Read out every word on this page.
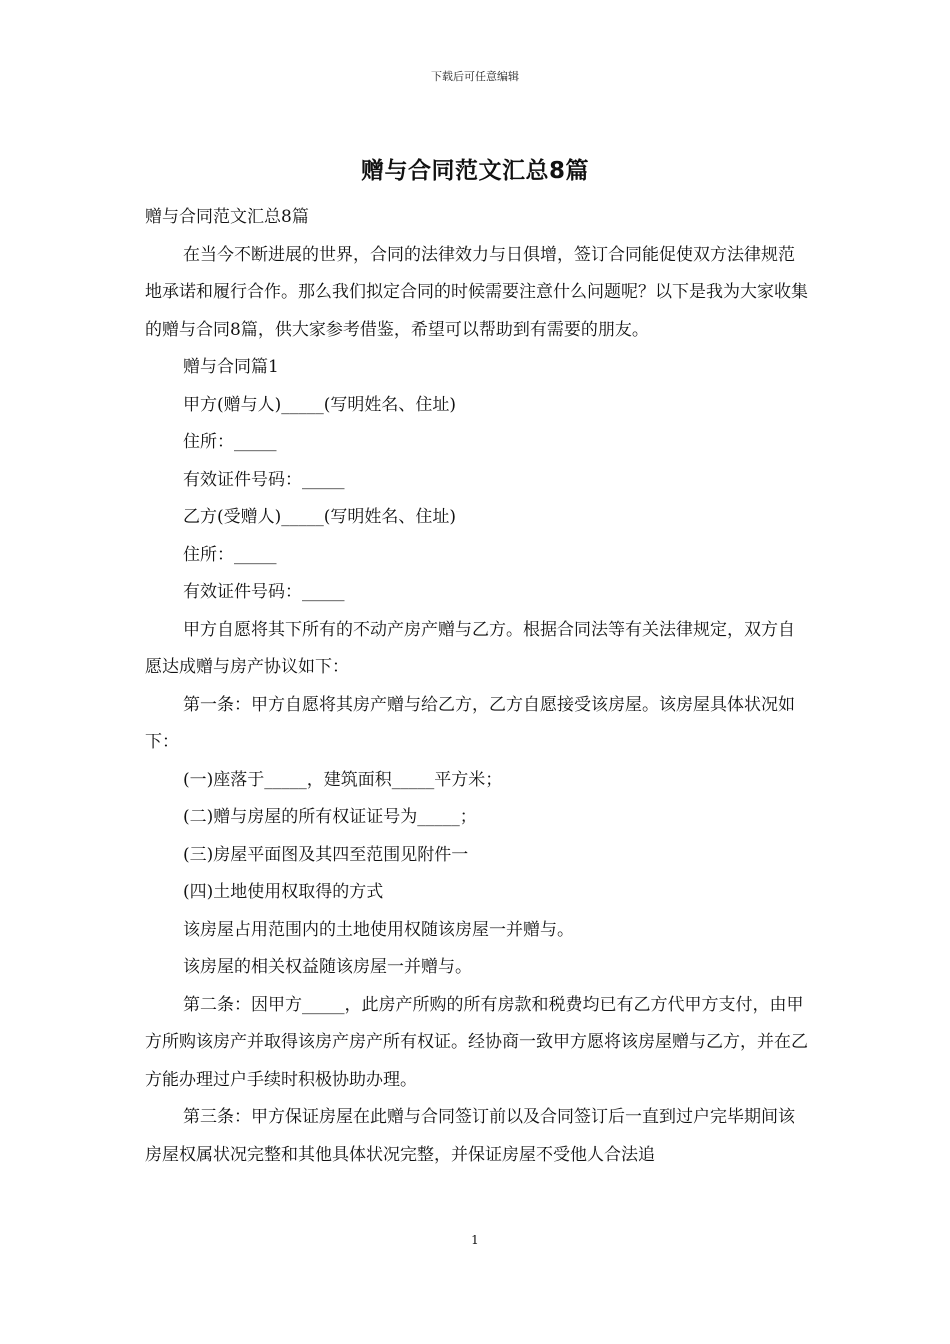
下载后可任意编辑
赠与合同范文汇总8篇

赠与合同范文汇总8篇

在当今不断进展的世界，合同的法律效力与日俱增，签订合同能促使双方法律规范地承诺和履行合作。那么我们拟定合同的时候需要注意什么问题呢？以下是我为大家收集的赠与合同8篇，供大家参考借鉴，希望可以帮助到有需要的朋友。

赠与合同篇1

甲方(赠与人)_____(写明姓名、住址)

住所：_____

有效证件号码：_____

乙方(受赠人)_____(写明姓名、住址)

住所：_____

有效证件号码：_____

甲方自愿将其下所有的不动产房产赠与乙方。根据合同法等有关法律规定，双方自愿达成赠与房产协议如下：

第一条：甲方自愿将其房产赠与给乙方，乙方自愿接受该房屋。该房屋具体状况如下：

(一)座落于_____，建筑面积_____平方米；

(二)赠与房屋的所有权证证号为_____；

(三)房屋平面图及其四至范围见附件一

(四)土地使用权取得的方式

该房屋占用范围内的土地使用权随该房屋一并赠与。

该房屋的相关权益随该房屋一并赠与。

第二条：因甲方_____，此房产所购的所有房款和税费均已有乙方代甲方支付，由甲方所购该房产并取得该房产房产所有权证。经协商一致甲方愿将该房屋赠与乙方，并在乙方能办理过户手续时积极协助办理。

第三条：甲方保证房屋在此赠与合同签订前以及合同签订后一直到过户完毕期间该房屋权属状况完整和其他具体状况完整，并保证房屋不受他人合法追

1
